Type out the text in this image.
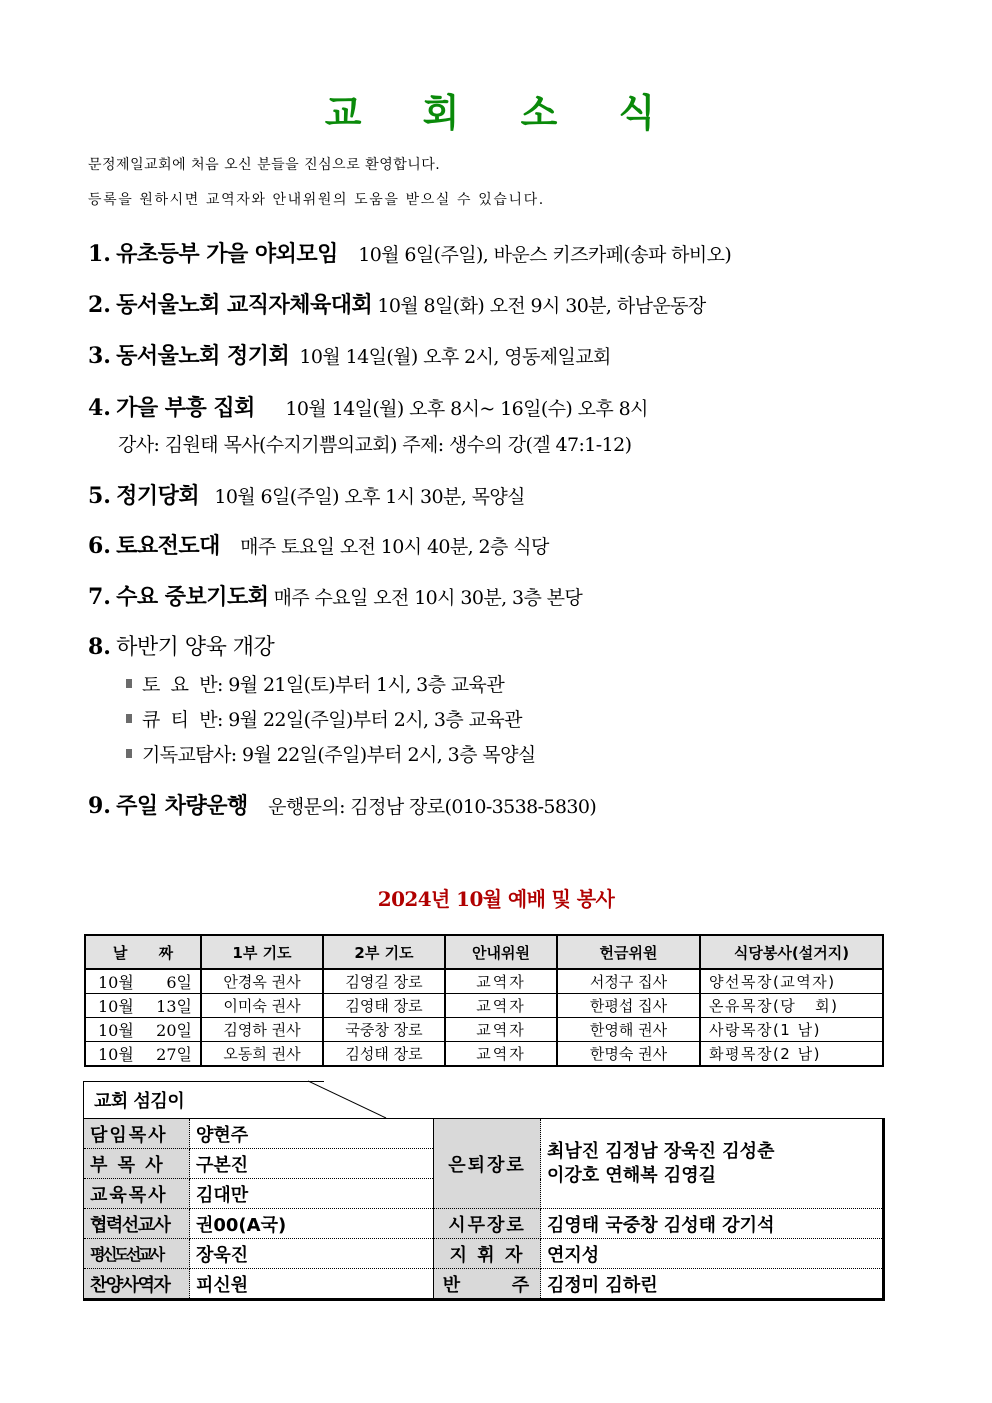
교 회 소 식
문정제일교회에 처음 오신 분들을 진심으로 환영합니다.
등록을 원하시면 교역자와 안내위원의 도움을 받으실 수 있습니다.
1. 유초등부 가을 야외모임 10월 6일(주일), 바운스 키즈카페(송파 하비오)
2. 동서울노회 교직자체육대회 10월 8일(화) 오전 9시 30분, 하남운동장
3. 동서울노회 정기회 10월 14일(월) 오후 2시, 영동제일교회
4. 가을 부흥 집회 10월 14일(월) 오후 8시~ 16일(수) 오후 8시
강사: 김원태 목사(수지기쁨의교회) 주제: 생수의 강(겔 47:1-12)
5. 정기당회 10월 6일(주일) 오후 1시 30분, 목양실
6. 토요전도대 매주 토요일 오전 10시 40분, 2층 식당
7. 수요 중보기도회 매주 수요일 오전 10시 30분, 3층 본당
8. 하반기 양육 개강
토  요  반: 9월 21일(토)부터 1시, 3층 교육관
큐  티  반: 9월 22일(주일)부터 2시, 3층 교육관
기독교탐사: 9월 22일(주일)부터 2시, 3층 목양실
9. 주일 차량운행 운행문의: 김정남 장로(010-3538-5830)
2024년 10월 예배 및 봉사
날      짜	1부 기도	2부 기도	안내위원	헌금위원	식당봉사(설거지)
10월 6일	안경옥 권사	김영길 장로	교역자	서정구 집사	양선목장(교역자)
10월 13일	이미숙 권사	김영태 장로	교역자	한평섭 집사	온유목장(당   회)
10월 20일	김영하 권사	국중창 장로	교역자	한영해 권사	사랑목장(1 남)
10월 27일	오동희 권사	김성태 장로	교역자	한명숙 권사	화평목장(2 남)
교회 섬김이
담임목사	양현주	은퇴장로	최남진 김정남 장욱진 김성춘
이강호 연해복 김영길

부 목 사	구본진		
교육목사	김대만		
협력선교사	권00(A국)	시무장로	김영태 국중창 김성태 강기석
평신도선교사	장욱진	지 휘 자	연지성
찬양사역자	피신원	반      주	김정미 김하린
